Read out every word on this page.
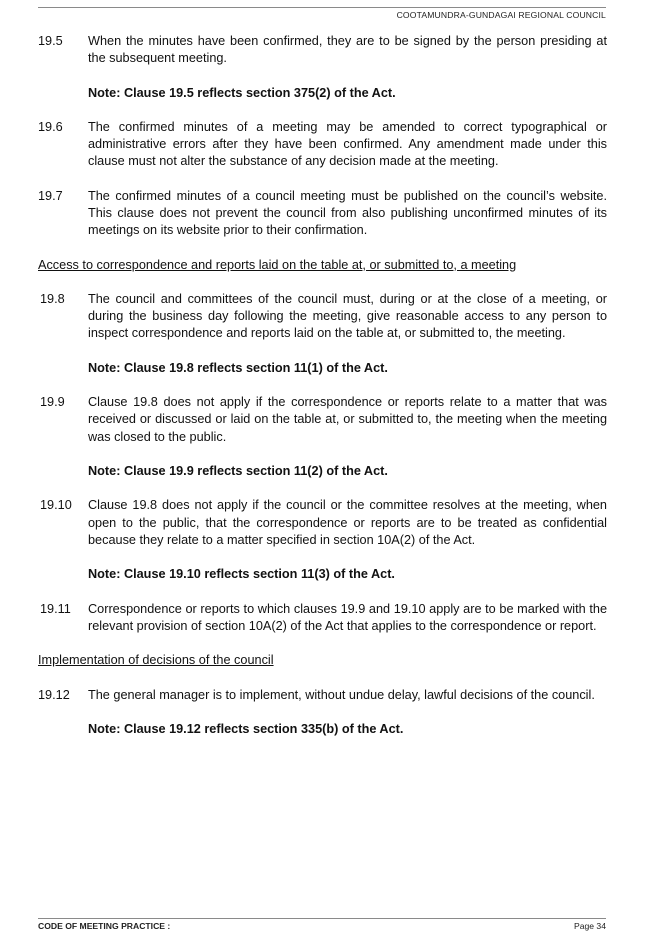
COOTAMUNDRA-GUNDAGAI REGIONAL COUNCIL
19.5	When the minutes have been confirmed, they are to be signed by the person presiding at the subsequent meeting.
Note: Clause 19.5 reflects section 375(2) of the Act.
19.6	The confirmed minutes of a meeting may be amended to correct typographical or administrative errors after they have been confirmed. Any amendment made under this clause must not alter the substance of any decision made at the meeting.
19.7	The confirmed minutes of a council meeting must be published on the council’s website. This clause does not prevent the council from also publishing unconfirmed minutes of its meetings on its website prior to their confirmation.
Access to correspondence and reports laid on the table at, or submitted to, a meeting
19.8	The council and committees of the council must, during or at the close of a meeting, or during the business day following the meeting, give reasonable access to any person to inspect correspondence and reports laid on the table at, or submitted to, the meeting.
Note: Clause 19.8 reflects section 11(1) of the Act.
19.9	Clause 19.8 does not apply if the correspondence or reports relate to a matter that was received or discussed or laid on the table at, or submitted to, the meeting when the meeting was closed to the public.
Note: Clause 19.9 reflects section 11(2) of the Act.
19.10	Clause 19.8 does not apply if the council or the committee resolves at the meeting, when open to the public, that the correspondence or reports are to be treated as confidential because they relate to a matter specified in section 10A(2) of the Act.
Note: Clause 19.10 reflects section 11(3) of the Act.
19.11	Correspondence or reports to which clauses 19.9 and 19.10 apply are to be marked with the relevant provision of section 10A(2) of the Act that applies to the correspondence or report.
Implementation of decisions of the council
19.12	The general manager is to implement, without undue delay, lawful decisions of the council.
Note: Clause 19.12 reflects section 335(b) of the Act.
CODE OF MEETING PRACTICE :	Page 34
